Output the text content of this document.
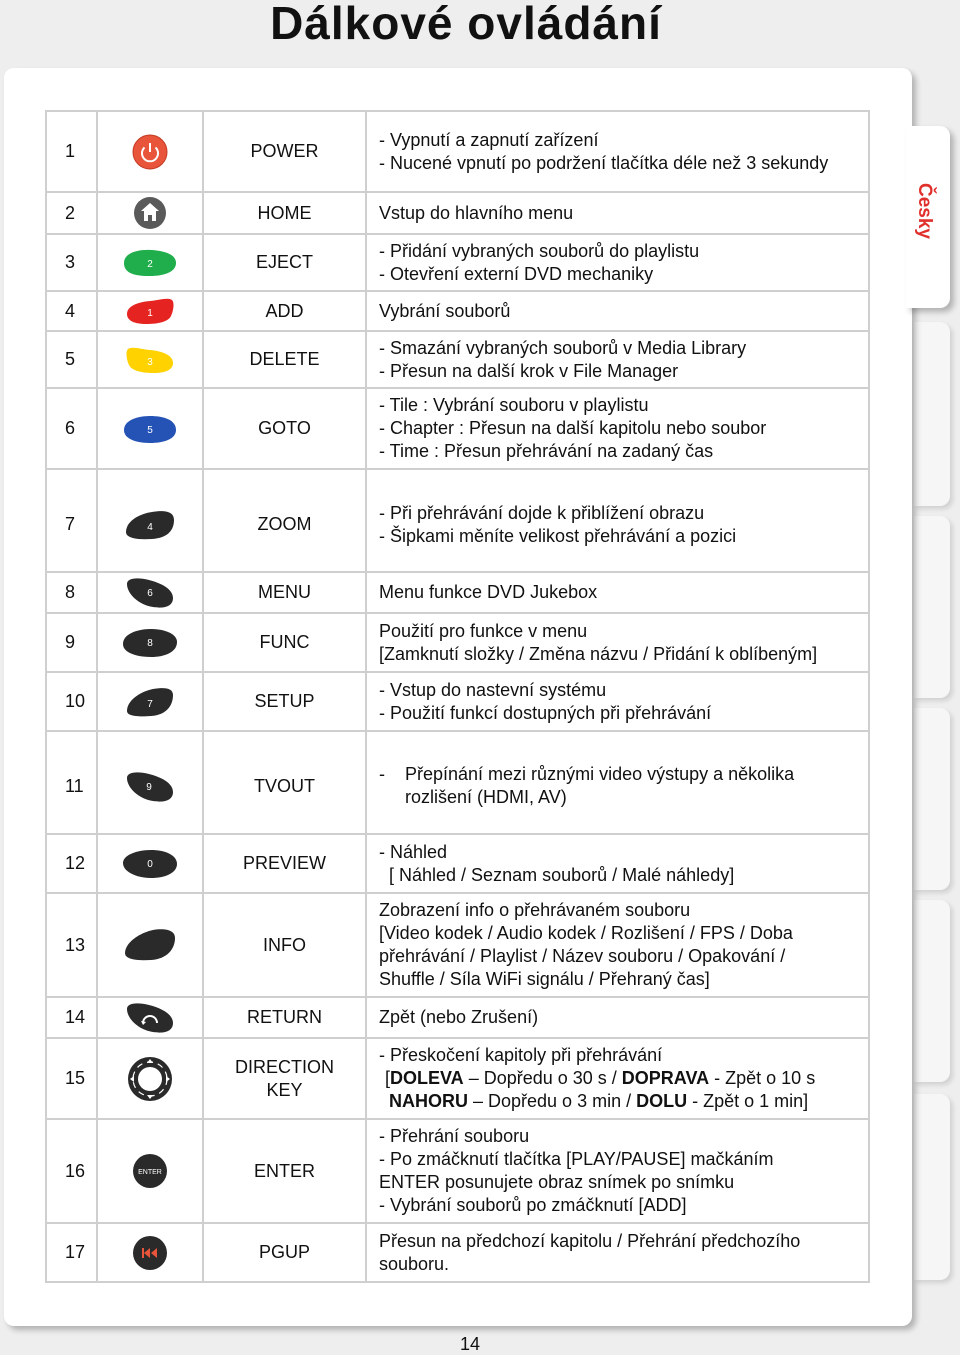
Dálkové ovládání
Česky
1		POWER	- Vypnutí a zapnutí zařízení
- Nucené vpnutí po podržení tlačítka déle než 3 sekundy

2		HOME	Vstup do hlavního menu

3	2	EJECT	- Přidání vybraných souborů do playlistu
- Otevření externí DVD mechaniky

4	1	ADD	Vybrání souborů

5	3	DELETE	- Smazání vybraných souborů v Media Library
- Přesun na další krok v File Manager

6	5	GOTO	- Tile : Vybrání souboru v playlistu
- Chapter : Přesun na další kapitolu nebo soubor
- Time : Přesun přehrávání na zadaný čas

7	4	ZOOM	- Při přehrávání dojde k přiblížení obrazu
- Šipkami měníte velikost přehrávání a pozici

8	6	MENU	Menu funkce DVD Jukebox

9	8	FUNC	Použití pro funkce v menu
[Zamknutí složky / Změna názvu / Přidání k oblíbeným]

10	7	SETUP	- Vstup do nastevní systému
- Použití funkcí dostupných při přehrávání

11	9	TVOUT	- Přepínání mezi různými video výstupy a několika
rozlišení (HDMI, AV)

12	0	PREVIEW	- Náhled
[ Náhled / Seznam souborů / Malé náhledy]

13		INFO	Zobrazení info o přehrávaném souboru
[Video kodek / Audio kodek / Rozlišení / FPS / Doba
přehrávání / Playlist / Název souboru / Opakování /
Shuffle / Síla WiFi signálu / Přehraný čas]

14		RETURN	Zpět (nebo Zrušení)

15		DIRECTION KEY	- Přeskočení kapitoly při přehrávání
[DOLEVA – Dopředu o 30 s / DOPRAVA - Zpět o 10 s
NAHORU – Dopředu o 3 min / DOLU - Zpět o 1 min]

16	ENTER	ENTER	- Přehrání souboru
- Po zmáčknutí tlačítka [PLAY/PAUSE] mačkáním
ENTER posunujete obraz snímek po snímku
- Vybrání souborů po zmáčknutí [ADD]

17		PGUP	Přesun na předchozí kapitolu / Přehrání předchozího
souboru.
14
